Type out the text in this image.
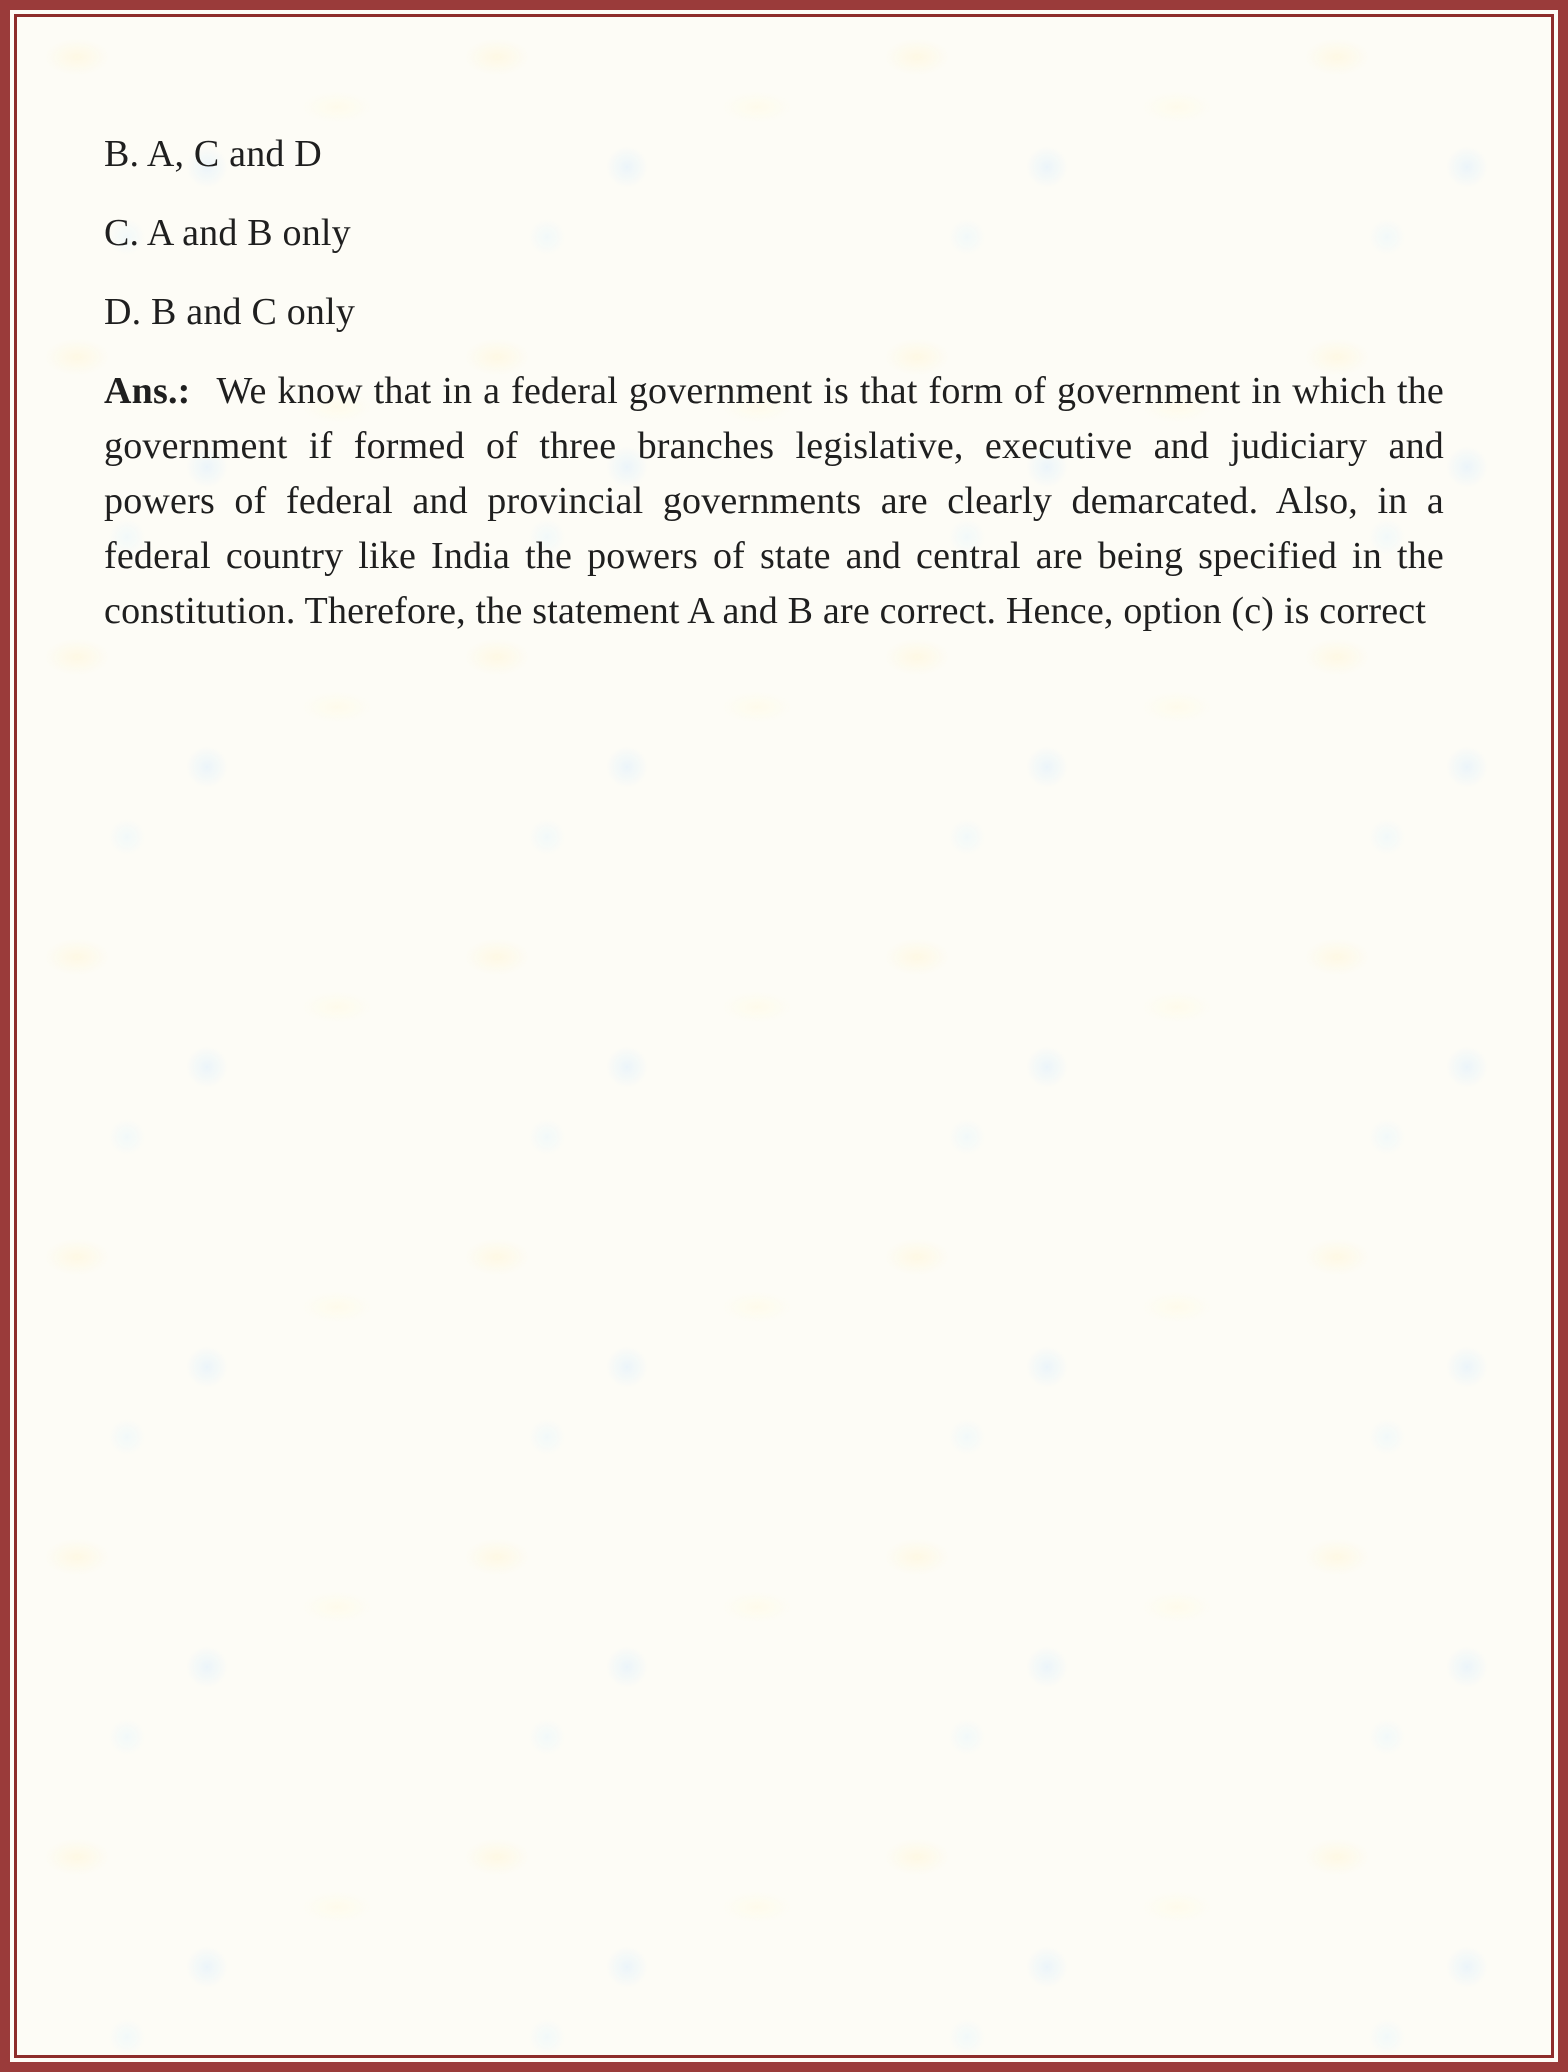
B. A, C and D

C. A and B only

D. B and C only

Ans.: We know that in a federal government is that form of government in which the government if formed of three branches legislative, executive and judiciary and powers of federal and provincial governments are clearly demarcated. Also, in a federal country like India the powers of state and central are being specified in the constitution. Therefore, the statement A and B are correct. Hence, option (c) is correct
